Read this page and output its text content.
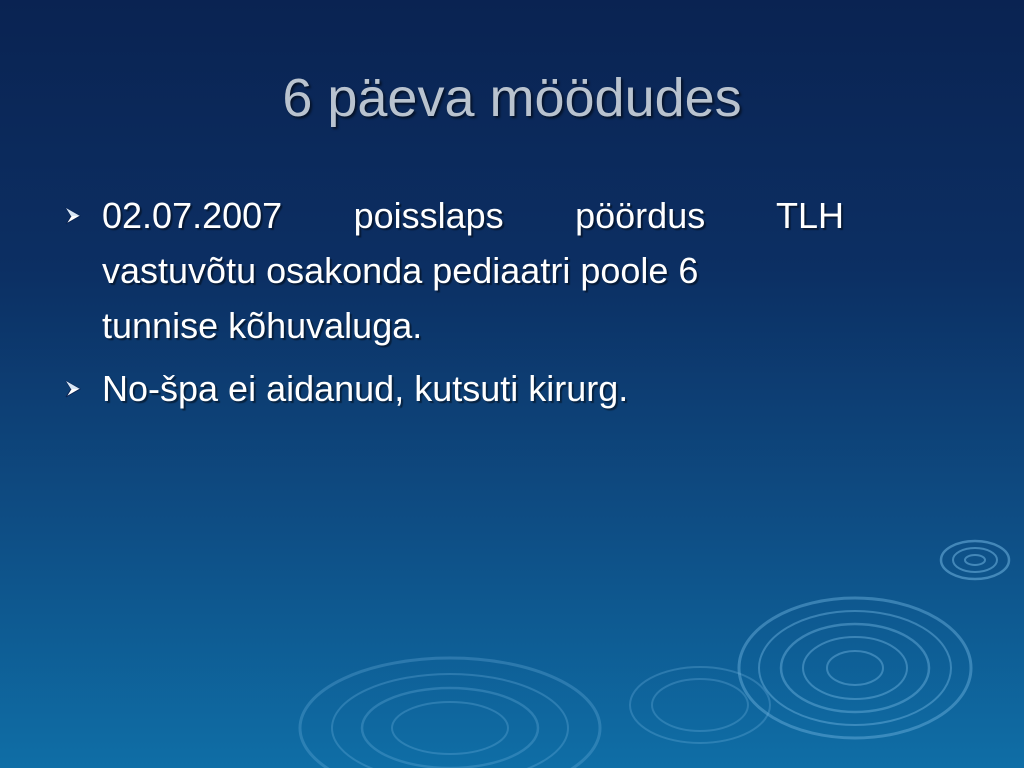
6 päeva möödudes
02.07.2007 poisslaps pöördus TLH
vastuvõtu osakonda pediaatri poole 6
tunnise kõhuvaluga.
No-špa ei aidanud, kutsuti kirurg.
